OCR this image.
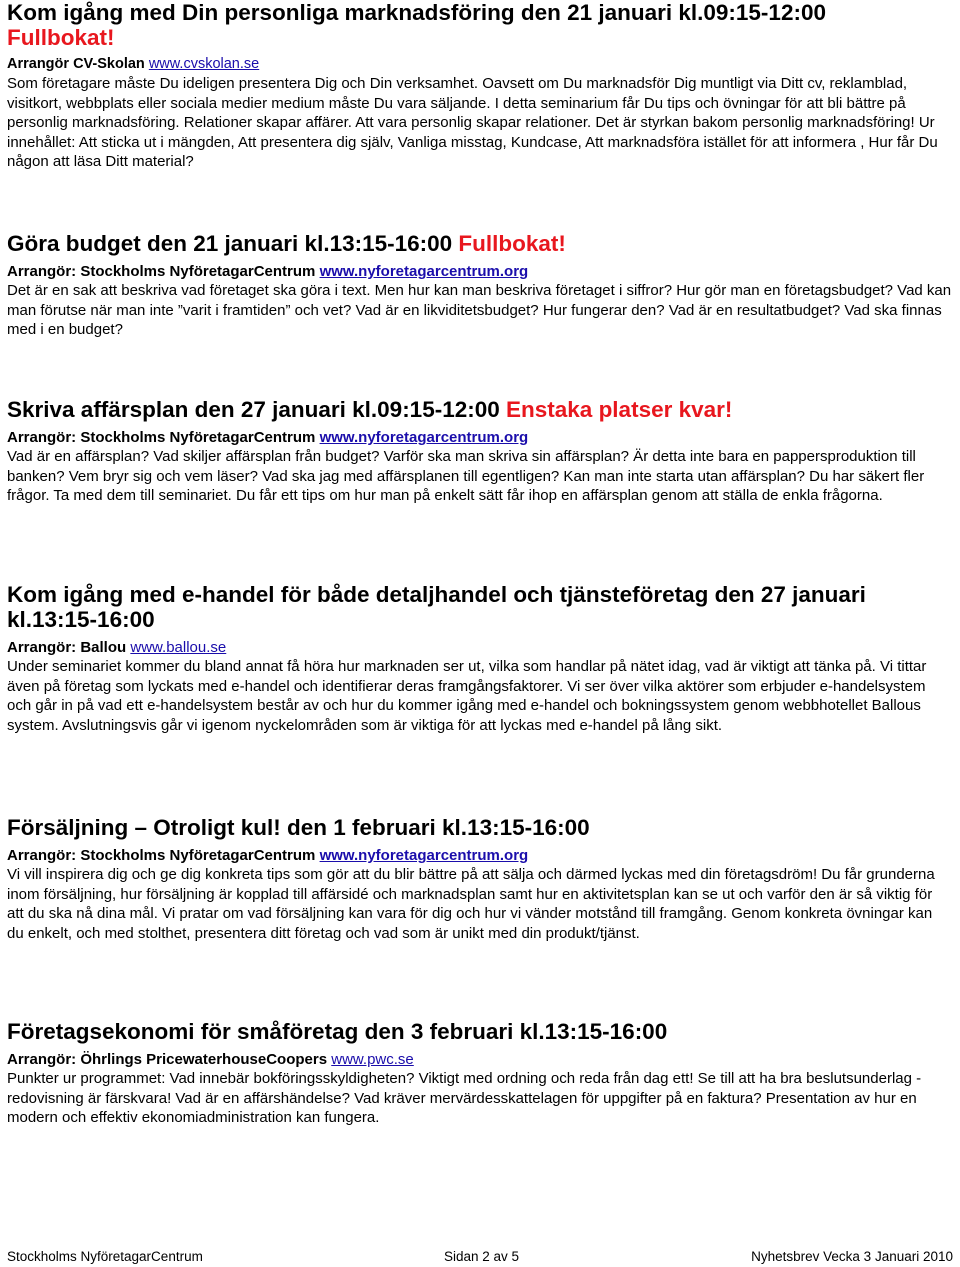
Kom igång med Din personliga marknadsföring den 21 januari kl.09:15-12:00
Fullbokat!

Arrangör CV-Skolan www.cvskolan.se

Som företagare måste Du ideligen presentera Dig och Din verksamhet. Oavsett om Du marknadsför Dig muntligt via Ditt cv, reklamblad, visitkort, webbplats eller sociala medier medium måste Du vara säljande. I detta seminarium får Du tips och övningar för att bli bättre på personlig marknadsföring. Relationer skapar affärer. Att vara personlig skapar relationer. Det är styrkan bakom personlig marknadsföring! Ur innehållet: Att sticka ut i mängden, Att presentera dig själv, Vanliga misstag, Kundcase, Att marknadsföra istället för att informera , Hur får Du någon att läsa Ditt material?

Göra budget den 21 januari kl.13:15-16:00 Fullbokat!

Arrangör: Stockholms NyföretagarCentrum www.nyforetagarcentrum.org

Det är en sak att beskriva vad företaget ska göra i text. Men hur kan man beskriva företaget i siffror? Hur gör man en företagsbudget? Vad kan man förutse när man inte ”varit i framtiden” och vet? Vad är en likviditetsbudget? Hur fungerar den? Vad är en resultatbudget? Vad ska finnas med i en budget?

Skriva affärsplan den 27 januari kl.09:15-12:00 Enstaka platser kvar!

Arrangör: Stockholms NyföretagarCentrum www.nyforetagarcentrum.org

Vad är en affärsplan? Vad skiljer affärsplan från budget? Varför ska man skriva sin affärsplan? Är detta inte bara en pappersproduktion till banken? Vem bryr sig och vem läser? Vad ska jag med affärsplanen till egentligen? Kan man inte starta utan affärsplan? Du har säkert fler frågor. Ta med dem till seminariet. Du får ett tips om hur man på enkelt sätt får ihop en affärsplan genom att ställa de enkla frågorna.

Kom igång med e-handel för både detaljhandel och tjänsteföretag den 27 januari kl.13:15-16:00

Arrangör: Ballou www.ballou.se

Under seminariet kommer du bland annat få höra hur marknaden ser ut, vilka som handlar på nätet idag, vad är viktigt att tänka på. Vi tittar även på företag som lyckats med e-handel och identifierar deras framgångsfaktorer. Vi ser över vilka aktörer som erbjuder e-handelsystem och går in på vad ett e-handelsystem består av och hur du kommer igång med e-handel och bokningssystem genom webbhotellet Ballous system. Avslutningsvis går vi igenom nyckelområden som är viktiga för att lyckas med e-handel på lång sikt.

Försäljning – Otroligt kul! den 1 februari kl.13:15-16:00

Arrangör: Stockholms NyföretagarCentrum www.nyforetagarcentrum.org

Vi vill inspirera dig och ge dig konkreta tips som gör att du blir bättre på att sälja och därmed lyckas med din företagsdröm! Du får grunderna inom försäljning, hur försäljning är kopplad till affärsidé och marknadsplan samt hur en aktivitetsplan kan se ut och varför den är så viktig för att du ska nå dina mål. Vi pratar om vad försäljning kan vara för dig och hur vi vänder motstånd till framgång. Genom konkreta övningar kan du enkelt, och med stolthet, presentera ditt företag och vad som är unikt med din produkt/tjänst.

Företagsekonomi för småföretag den 3 februari kl.13:15-16:00

Arrangör: Öhrlings PricewaterhouseCoopers www.pwc.se

Punkter ur programmet: Vad innebär bokföringsskyldigheten? Viktigt med ordning och reda från dag ett! Se till att ha bra beslutsunderlag - redovisning är färskvara! Vad är en affärshändelse? Vad kräver mervärdesskattelagen för uppgifter på en faktura? Presentation av hur en modern och effektiv ekonomiadministration kan fungera.

Stockholms NyföretagarCentrum	Sidan 2 av 5	Nyhetsbrev Vecka 3 Januari 2010
